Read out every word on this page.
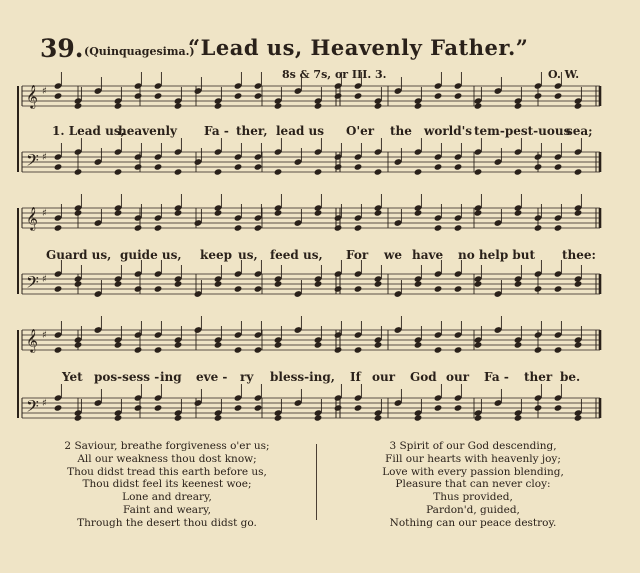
39. (Quinquagesima.)
“Lead us, Heavenly Father.”
8s & 7s, or III. 3.	O. W.
𝄞 ♯
𝄢 ♯
𝄞 ♯
𝄢 ♯
𝄞 ♯
𝄢 ♯
1. Lead us,
heavenly Fa - ther, lead us O'er the world's tem-pest-uous
sea;
Guard us, guide us, keep us, feed us, For we have no help but thee:
Yet pos-sess - ing eve - ry bless-ing, If our God our Fa - ther be.
2 Saviour, breathe forgiveness o'er us;
All our weakness thou dost know;
Thou didst tread this earth before us,
Thou didst feel its keenest woe;
Lone and dreary,
Faint and weary,
Through the desert thou didst go.
3 Spirit of our God descending,
Fill our hearts with heavenly joy;
Love with every passion blending,
Pleasure that can never cloy:
Thus provided,
Pardon'd, guided,
Nothing can our peace destroy.
